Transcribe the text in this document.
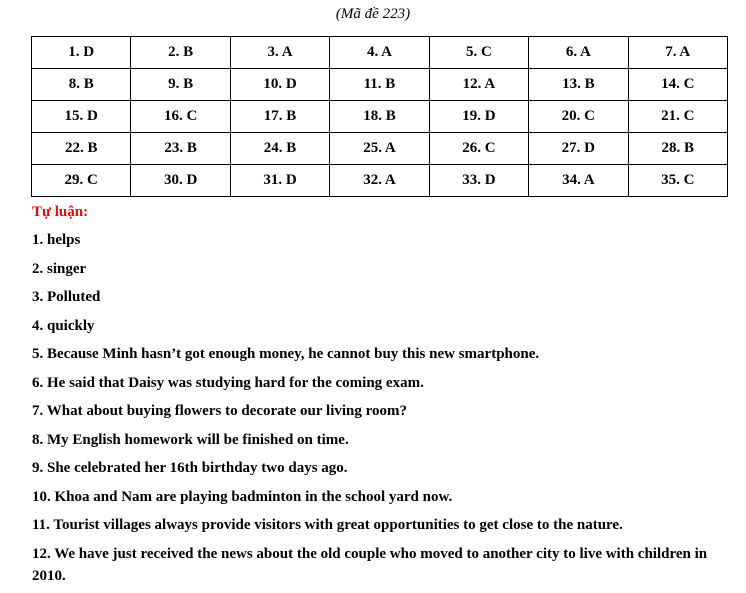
(Mã đề 223)
1. D	2. B	3. A	4. A	5. C	6. A	7. A
8. B	9. B	10. D	11. B	12. A	13. B	14. C
15. D	16. C	17. B	18. B	19. D	20. C	21. C
22. B	23. B	24. B	25. A	26. C	27. D	28. B
29. C	30. D	31. D	32. A	33. D	34. A	35. C
Tự luận:
1. helps
2. singer
3. Polluted
4. quickly
5. Because Minh hasn’t got enough money, he cannot buy this new smartphone.
6. He said that Daisy was studying hard for the coming exam.
7. What about buying flowers to decorate our living room?
8. My English homework will be finished on time.
9. She celebrated her 16th birthday two days ago.
10. Khoa and Nam are playing badminton in the school yard now.
11. Tourist villages always provide visitors with great opportunities to get close to the nature.
12. We have just received the news about the old couple who moved to another city to live with children in 2010.
